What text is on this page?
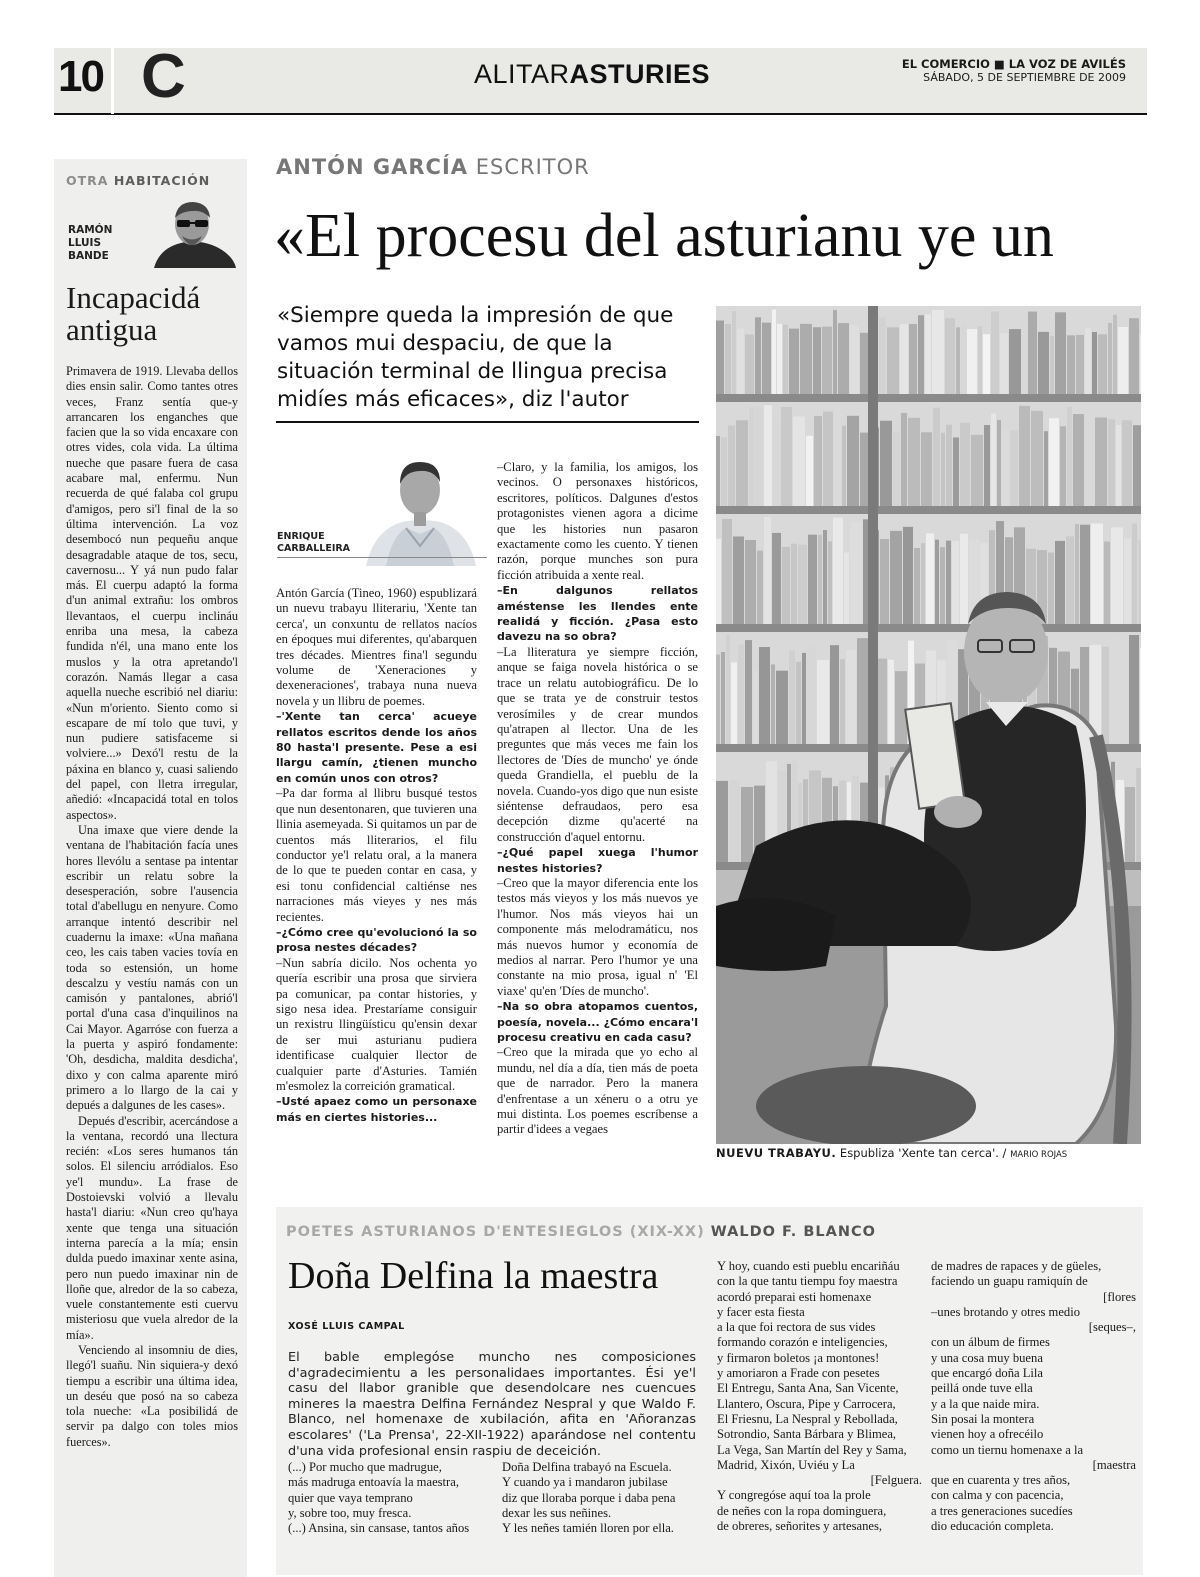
10 C	ALITARASTURIES	EL COMERCIO ■ LA VOZ DE AVILÉS
SÁBADO, 5 DE SEPTIEMBRE DE 2009
OTRA HABITACIÓN
RAMÓN
LLUIS
BANDE
Incapacidá
antigua

Primavera de 1919. Llevaba dellos dies ensin salir. Como tantes otres veces, Franz sentía que-y arrancaren los enganches que facien que la so vida encaxare con otres vides, cola vida. La última nueche que pasare fuera de casa acabare mal, enfermu. Nun recuerda de qué falaba col grupu d'amigos, pero si'l final de la so última intervención. La voz desembocó nun pequeñu anque desagradable ataque de tos, secu, cavernosu... Y yá nun pudo falar más. El cuerpu adaptó la forma d'un animal extrañu: los ombros llevantaos, el cuerpu inclináu enriba una mesa, la cabeza fundida n'él, una mano ente los muslos y la otra apretando'l corazón. Namás llegar a casa aquella nueche escribió nel diariu: «Nun m'oriento. Siento como si escapare de mí tolo que tuvi, y nun pudiere satisfaceme si volviere...» Dexó'l restu de la páxina en blanco y, cuasi saliendo del papel, con lletra irregular, añedió: «Incapacidá total en tolos aspectos».

Una imaxe que viere dende la ventana de l'habitación facía unes hores llevólu a sentase pa intentar escribir un relatu sobre la desesperación, sobre l'ausencia total d'abellugu en nenyure. Como arranque intentó describir nel cuadernu la imaxe: «Una mañana ceo, les cais taben vacies tovía en toda so estensión, un home descalzu y vestíu namás con un camisón y pantalones, abrió'l portal d'una casa d'inquilinos na Cai Mayor. Agarróse con fuerza a la puerta y aspiró fondamente: 'Oh, desdicha, maldita desdicha', dixo y con calma aparente miró primero a lo llargo de la cai y depués a dalgunes de les cases».

Depués d'escribir, acercándose a la ventana, recordó una llectura recién: «Los seres humanos tán solos. El silenciu arródialos. Eso ye'l mundu». La frase de Dostoievski volvió a llevalu hasta'l diariu: «Nun creo qu'haya xente que tenga una situación interna parecía a la mía; ensin dulda puedo imaxinar xente asina, pero nun puedo imaxinar nin de lloñe que, alredor de la so cabeza, vuele constantemente esti cuervu misteriosu que vuela alredor de la mía».

Venciendo al insomniu de dies, llegó'l suañu. Nin siquiera-y dexó tiempu a escribir una última idea, un deséu que posó na so cabeza tola nueche: «La posibilidá de servir pa dalgo con toles mios fuerces».

ANTÓN GARCÍA ESCRITOR
«El procesu del asturianu ye un
«Siempre queda la impresión de que vamos mui despaciu, de que la situación terminal de llingua precisa midíes más eficaces», diz l'autor
ENRIQUE
CARBALLEIRA

Antón García (Tineo, 1960) espublizará un nuevu trabayu lliterariu, 'Xente tan cerca', un conxuntu de rellatos nacíos en époques mui diferentes, qu'abarquen tres décades. Mientres fina'l segundu volume de 'Xeneraciones y dexeneraciones', trabaya nuna nueva novela y un llibru de poemes.

–'Xente tan cerca' acueye rellatos escritos dende los años 80 hasta'l presente. Pese a esi llargu camín, ¿tienen muncho en común unos con otros?

–Pa dar forma al llibru busqué testos que nun desentonaren, que tuvieren una llinia asemeyada. Si quitamos un par de cuentos más lliterarios, el filu conductor ye'l relatu oral, a la manera de lo que te pueden contar en casa, y esi tonu confidencial caltiénse nes narraciones más vieyes y nes más recientes.

–¿Cómo cree qu'evolucionó la so prosa nestes décades?

–Nun sabría dicilo. Nos ochenta yo quería escribir una prosa que sirviera pa comunicar, pa contar histories, y sigo nesa idea. Prestaríame consiguir un rexistru llingüísticu qu'ensin dexar de ser mui asturianu pudiera identificase cualquier llector de cualquier parte d'Asturies. Tamién m'esmolez la correición gramatical.

–Usté apaez como un personaxe más en ciertes histories...

–Claro, y la familia, los amigos, los vecinos. O personaxes históricos, escritores, políticos. Dalgunes d'estos protagonistes vienen agora a dicime que les histories nun pasaron exactamente como les cuento. Y tienen razón, porque munches son pura ficción atribuida a xente real.

–En dalgunos rellatos améstense les llendes ente realidá y ficción. ¿Pasa esto davezu na so obra?

–La lliteratura ye siempre ficción, anque se faiga novela histórica o se trace un relatu autobiográficu. De lo que se trata ye de construir testos verosímiles y de crear mundos qu'atrapen al llector. Una de les preguntes que más veces me fain los llectores de 'Díes de muncho' ye ónde queda Grandiella, el pueblu de la novela. Cuando-yos digo que nun esiste siéntense defraudaos, pero esa decepción dizme qu'acerté na construcción d'aquel entornu.

–¿Qué papel xuega l'humor nestes histories?

–Creo que la mayor diferencia ente los testos más vieyos y los más nuevos ye l'humor. Nos más vieyos hai un componente más melodramáticu, nos más nuevos humor y economía de medios al narrar. Pero l'humor ye una constante na mio prosa, igual n' 'El viaxe' qu'en 'Díes de muncho'.

–Na so obra atopamos cuentos, poesía, novela... ¿Cómo encara'l procesu creativu en cada casu?

–Creo que la mirada que yo echo al mundu, nel día a día, tien más de poeta que de narrador. Pero la manera d'enfrentase a un xéneru o a otru ye mui distinta. Los poemes escríbense a partir d'idees a vegaes

NUEVU TRABAYU. Espubliza 'Xente tan cerca'. / MARIO ROJAS
POETES ASTURIANOS D'ENTESIEGLOS (XIX-XX) WALDO F. BLANCO
Doña Delfina la maestra
XOSÉ LLUIS CAMPAL
El bable emplegóse muncho nes composiciones d'agradecimientu a les personalidaes importantes. Ési ye'l casu del llabor granible que desendolcare nes cuencues mineres la maestra Delfina Fernández Nespral y que Waldo F. Blanco, nel homenaxe de xubilación, afita en 'Añoranzas escolares' ('La Prensa', 22-XII-1922) aparándose nel contentu d'una vida profesional ensin raspiu de deceición.
(...) Por mucho que madrugue,
más madruga entoavía la maestra,
quier que vaya temprano
y, sobre too, muy fresca.
(...) Ansina, sin cansase, tantos años
Doña Delfina trabayó na Escuela.
Y cuando ya i mandaron jubilase
diz que lloraba porque i daba pena
dexar les sus neñines.
Y les neñes tamién lloren por ella.
Y hoy, cuando esti pueblu encariñáu
con la que tantu tiempu foy maestra
acordó preparai esti homenaxe
y facer esta fiesta
a la que foi rectora de sus vides
formando corazón e inteligencies,
y firmaron boletos ¡a montones!
y amoriaron a Frade con pesetes
El Entregu, Santa Ana, San Vicente,
Llantero, Oscura, Pipe y Carrocera,
El Friesnu, La Nespral y Rebollada,
Sotrondio, Santa Bárbara y Blimea,
La Vega, San Martín del Rey y Sama,
Madrid, Xixón, Uviéu y La
[Felguera.
Y congregóse aquí toa la prole
de neñes con la ropa dominguera,
de obreres, señorites y artesanes,
de madres de rapaces y de güeles,
faciendo un guapu ramiquín de
[flores
–unes brotando y otres medio
[seques–,
con un álbum de firmes
y una cosa muy buena
que encargó doña Lila
peillá onde tuve ella
y a la que naide mira.
Sin posai la montera
vienen hoy a ofrecéilo
como un tiernu homenaxe a la
[maestra
que en cuarenta y tres años,
con calma y con pacencia,
a tres generaciones sucedíes
dio educación completa.
